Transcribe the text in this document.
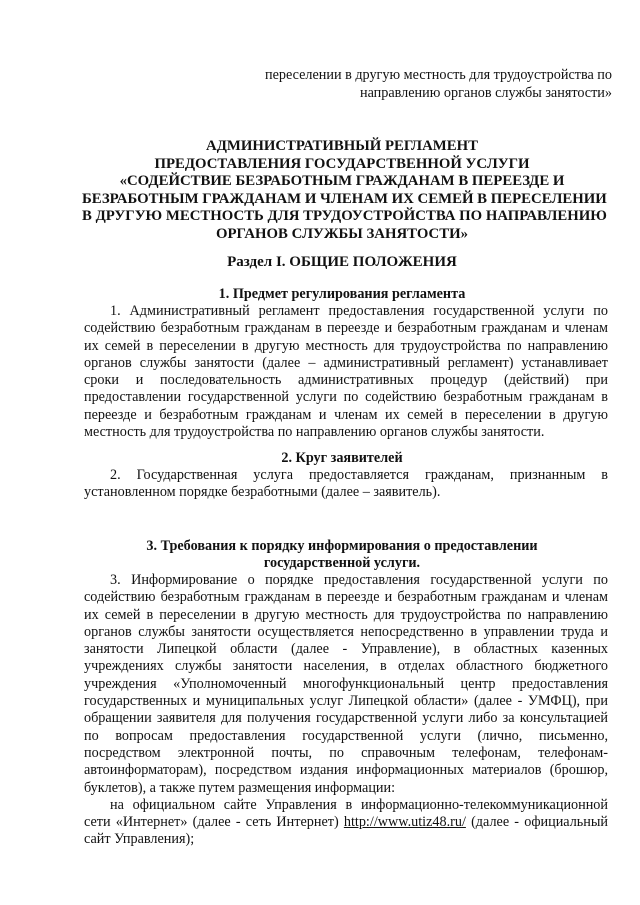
переселении в другую местность для трудоустройства по
направлению органов службы занятости»
АДМИНИСТРАТИВНЫЙ РЕГЛАМЕНТ
ПРЕДОСТАВЛЕНИЯ ГОСУДАРСТВЕННОЙ УСЛУГИ
«СОДЕЙСТВИЕ БЕЗРАБОТНЫМ ГРАЖДАНАМ В ПЕРЕЕЗДЕ И
БЕЗРАБОТНЫМ ГРАЖДАНАМ И ЧЛЕНАМ ИХ СЕМЕЙ В ПЕРЕСЕЛЕНИИ
В ДРУГУЮ МЕСТНОСТЬ ДЛЯ ТРУДОУСТРОЙСТВА ПО НАПРАВЛЕНИЮ
ОРГАНОВ СЛУЖБЫ ЗАНЯТОСТИ»
Раздел I. ОБЩИЕ ПОЛОЖЕНИЯ
1. Предмет регулирования регламента
1. Административный регламент предоставления государственной услуги по
содействию безработным гражданам в переезде и безработным гражданам и членам
их семей в переселении в другую местность для трудоустройства по направлению
органов службы занятости (далее – административный регламент) устанавливает
сроки и последовательность административных процедур (действий) при
предоставлении государственной услуги по содействию безработным гражданам в
переезде и безработным гражданам и членам их семей в переселении в другую
местность для трудоустройства по направлению органов службы занятости.
2. Круг заявителей
2. Государственная услуга предоставляется гражданам, признанным в
установленном порядке безработными (далее – заявитель).
3. Требования к порядку информирования о предоставлении
государственной услуги.
3. Информирование о порядке предоставления государственной услуги по
содействию безработным гражданам в переезде и безработным гражданам и членам
их семей в переселении в другую местность для трудоустройства по направлению
органов службы занятости осуществляется непосредственно в управлении труда и
занятости Липецкой области (далее - Управление), в областных казенных
учреждениях службы занятости населения, в отделах областного бюджетного
учреждения «Уполномоченный многофункциональный центр предоставления
государственных и муниципальных услуг Липецкой области» (далее - УМФЦ), при
обращении заявителя для получения государственной услуги либо за консультацией
по вопросам предоставления государственной услуги (лично, письменно,
посредством электронной почты, по справочным телефонам, телефонам-
автоинформаторам), посредством издания информационных материалов (брошюр,
буклетов), а также путем размещения информации:
на официальном сайте Управления в информационно-телекоммуникационной
сети «Интернет» (далее - сеть Интернет) http://www.utiz48.ru/ (далее - официальный
сайт Управления);
